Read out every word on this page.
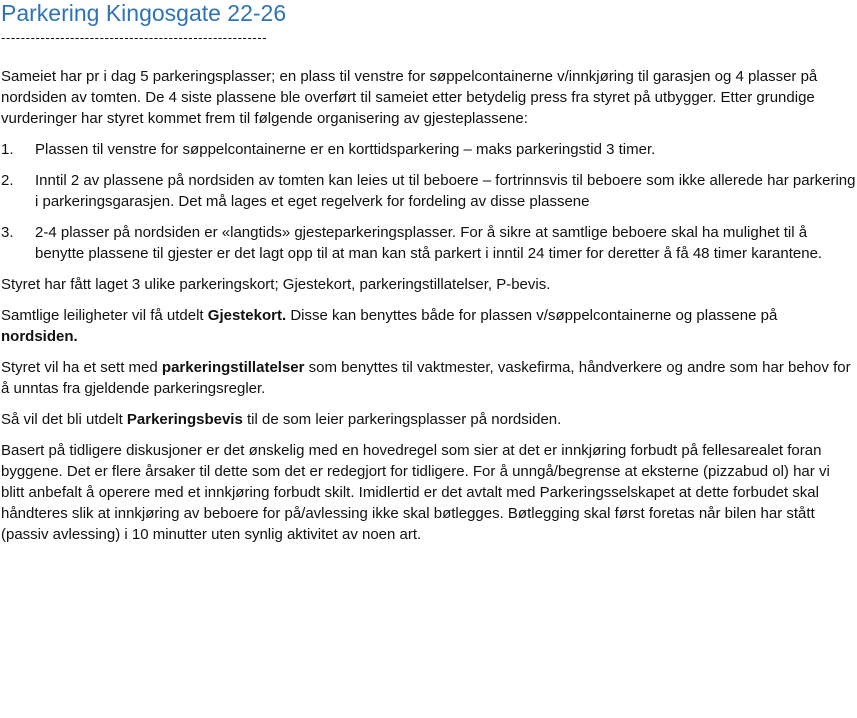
Parkering Kingosgate 22-26
------------------------------------------------------

Sameiet har pr i dag 5 parkeringsplasser; en plass til venstre for søppelcontainerne v/innkjøring til garasjen og 4 plasser på nordsiden av tomten. De 4 siste plassene ble overført til sameiet etter betydelig press fra styret på utbygger. Etter grundige vurderinger har styret kommet frem til følgende organisering av gjesteplassene:

1. Plassen til venstre for søppelcontainerne er en korttidsparkering – maks parkeringstid 3 timer.
2. Inntil 2 av plassene på nordsiden av tomten kan leies ut til beboere – fortrinnsvis til beboere som ikke allerede har parkering i parkeringsgarasjen. Det må lages et eget regelverk for fordeling av disse plassene
3. 2-4 plasser på nordsiden er «langtids» gjesteparkeringsplasser. For å sikre at samtlige beboere skal ha mulighet til å benytte plassene til gjester er det lagt opp til at man kan stå parkert i inntil 24 timer for deretter å få 48 timer karantene.

Styret har fått laget 3 ulike parkeringskort; Gjestekort, parkeringstillatelser, P-bevis.

Samtlige leiligheter vil få utdelt Gjestekort. Disse kan benyttes både for plassen v/søppelcontainerne og plassene på nordsiden.

Styret vil ha et sett med parkeringstillatelser som benyttes til vaktmester, vaskefirma, håndverkere og andre som har behov for å unntas fra gjeldende parkeringsregler.

Så vil det bli utdelt Parkeringsbevis til de som leier parkeringsplasser på nordsiden.

Basert på tidligere diskusjoner er det ønskelig med en hovedregel som sier at det er innkjøring forbudt på fellesarealet foran byggene. Det er flere årsaker til dette som det er redegjort for tidligere. For å unngå/begrense at eksterne (pizzabud ol) har vi blitt anbefalt å operere med et innkjøring forbudt skilt. Imidlertid er det avtalt med Parkeringsselskapet at dette forbudet skal håndteres slik at innkjøring av beboere for på/avlessing ikke skal bøtlegges. Bøtlegging skal først foretas når bilen har stått (passiv avlessing) i 10 minutter uten synlig aktivitet av noen art.
